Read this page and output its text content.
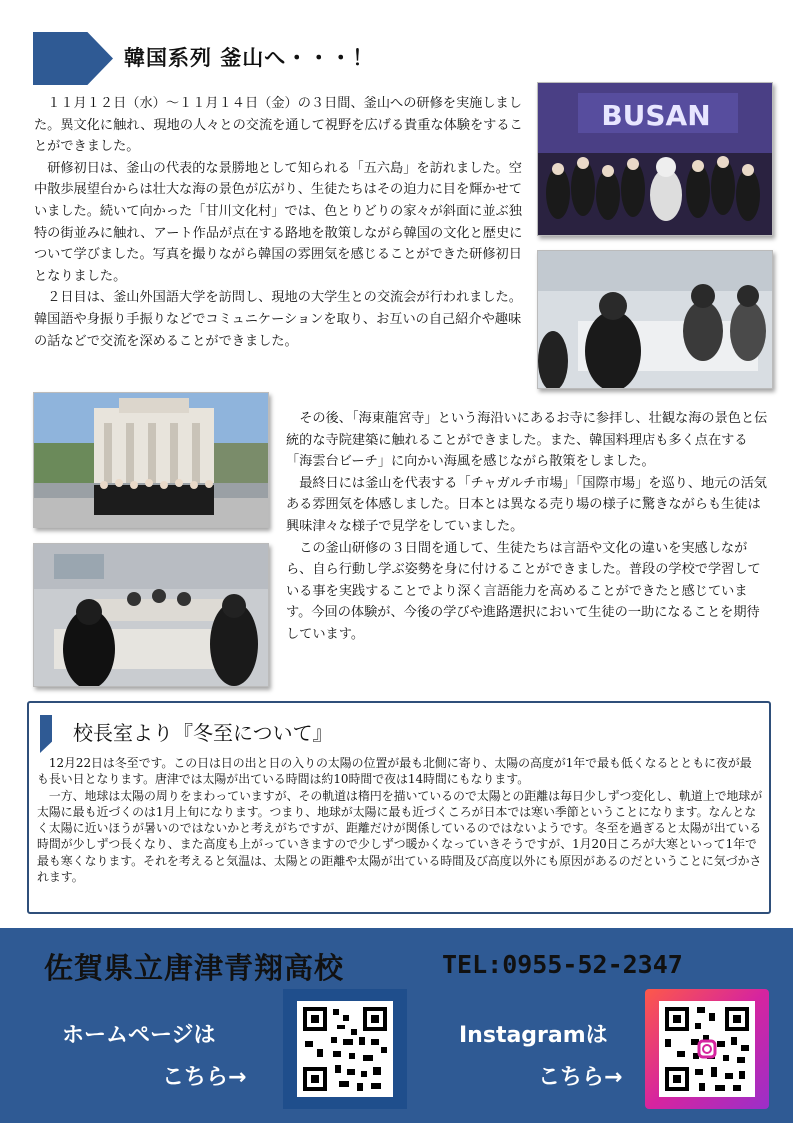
韓国系列 釜山へ・・・！

１１月１２日（水）～１１月１４日（金）の３日間、釜山への研修を実施しました。異文化に触れ、現地の人々との交流を通して視野を広げる貴重な体験をすることができました。

研修初日は、釜山の代表的な景勝地として知られる「五六島」を訪れました。空中散歩展望台からは壮大な海の景色が広がり、生徒たちはその迫力に目を輝かせていました。続いて向かった「甘川文化村」では、色とりどりの家々が斜面に並ぶ独特の街並みに触れ、アート作品が点在する路地を散策しながら韓国の文化と歴史について学びました。写真を撮りながら韓国の雰囲気を感じることができた研修初日となりました。

２日目は、釜山外国語大学を訪問し、現地の大学生との交流会が行われました。韓国語や身振り手振りなどでコミュニケーションを取り、お互いの自己紹介や趣味の話などで交流を深めることができました。

BUSAN

その後、「海東龍宮寺」という海沿いにあるお寺に参拝し、壮観な海の景色と伝統的な寺院建築に触れることができました。また、韓国料理店も多く点在する「海雲台ビーチ」に向かい海風を感じながら散策をしました。

最終日には釜山を代表する「チャガルチ市場」「国際市場」を巡り、地元の活気ある雰囲気を体感しました。日本とは異なる売り場の様子に驚きながらも生徒は興味津々な様子で見学をしていました。

この釜山研修の３日間を通して、生徒たちは言語や文化の違いを実感しながら、自ら行動し学ぶ姿勢を身に付けることができました。普段の学校で学習している事を実践することでより深く言語能力を高めることができたと感じています。今回の体験が、今後の学びや進路選択において生徒の一助になることを期待しています。

校長室より『冬至について』

12月22日は冬至です。この日は日の出と日の入りの太陽の位置が最も北側に寄り、太陽の高度が1年で最も低くなるとともに夜が最も長い日となります。唐津では太陽が出ている時間は約10時間で夜は14時間にもなります。

一方、地球は太陽の周りをまわっていますが、その軌道は楕円を描いているので太陽との距離は毎日少しずつ変化し、軌道上で地球が太陽に最も近づくのは1月上旬になります。つまり、地球が太陽に最も近づくころが日本では寒い季節ということになります。なんとなく太陽に近いほうが暑いのではないかと考えがちですが、距離だけが関係しているのではないようです。冬至を過ぎると太陽が出ている時間が少しずつ長くなり、また高度も上がっていきますので少しずつ暖かくなっていきそうですが、1月20日ころが大寒といって1年で最も寒くなります。それを考えると気温は、太陽との距離や太陽が出ている時間及び高度以外にも原因があるのだということに気づかされます。

佐賀県立唐津青翔高校	TEL:0955-52-2347
ホームページは
こちら→
Instagramは
こちら→
